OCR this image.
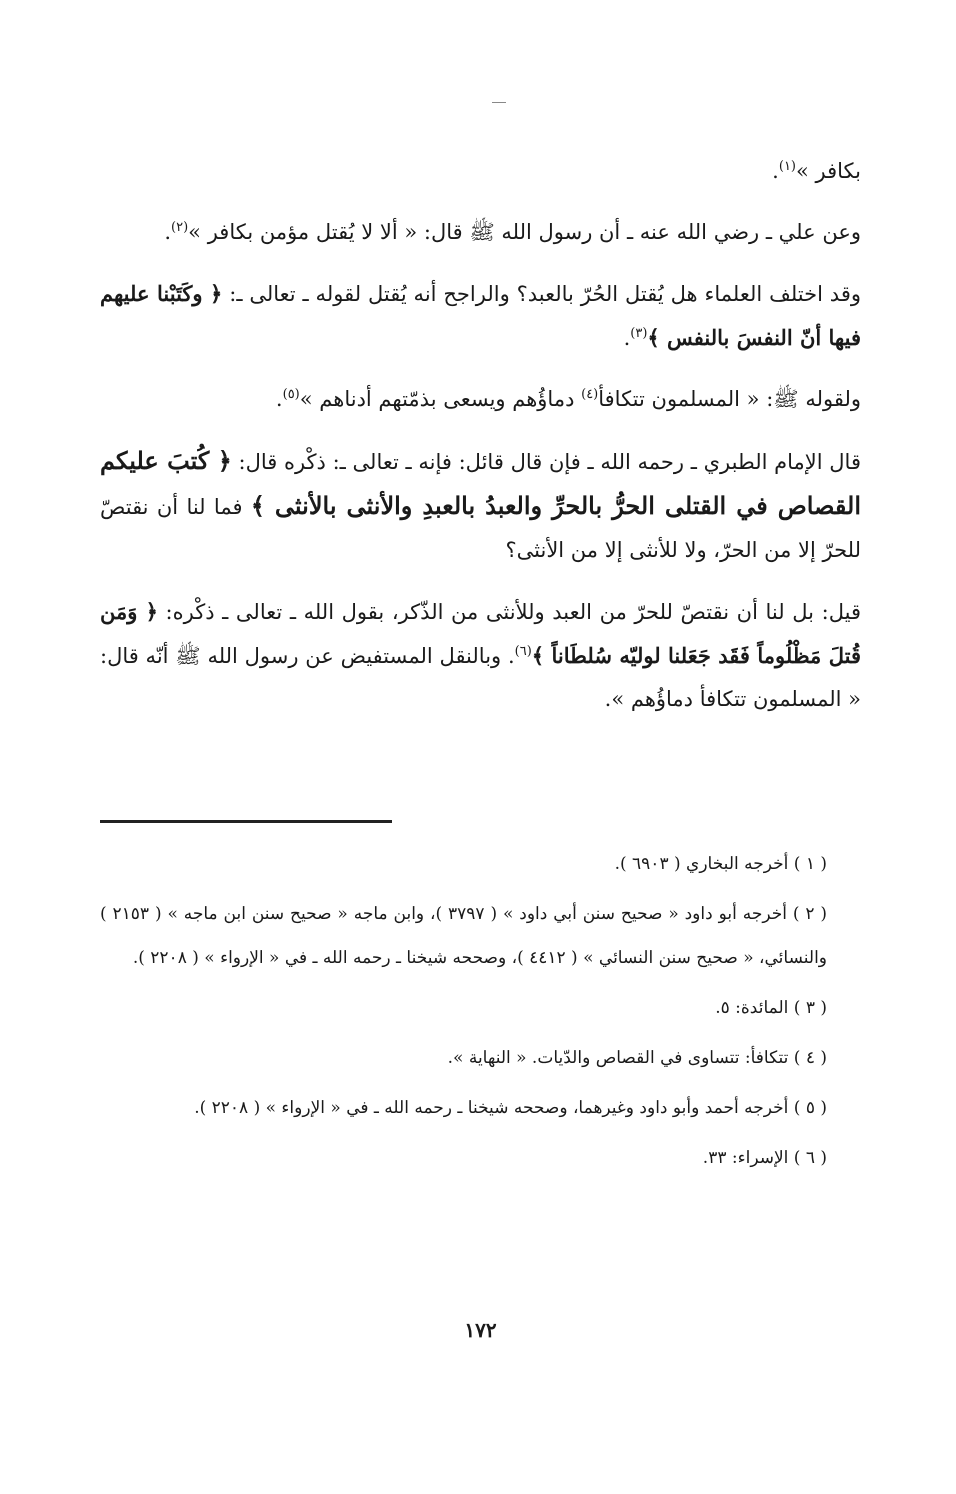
بكافر »$^{(١)}$.

وعن علي ـ رضي الله عنه ـ أن رسول الله ﷺ قال: « ألا لا يُقتل مؤمن بكافر »$^{(٢)}$.

وقد اختلف العلماء هل يُقتل الحُرّ بالعبد؟ والراجح أنه يُقتل لقوله ـ تعالى ـ: ﴿ وكَتَبْنا عليهم فيها أنّ النفسَ بالنفس ﴾$^{(٣)}$.

ولقوله ﷺ: « المسلمون تتكافأ$^{(٤)}$ دماؤُهم ويسعى بذمّتهم أدناهم »$^{(٥)}$.

قال الإمام الطبري ـ رحمه الله ـ فإن قال قائل: فإنه ـ تعالى ـ: ذكْره قال: ﴿ كُتبَ عليكم القصاص في القتلى الحرُّ بالحرِّ والعبدُ بالعبدِ والأنثى بالأنثى ﴾ فما لنا أن نقتصّ للحرّ إلا من الحرّ، ولا للأنثى إلا من الأنثى؟

قيل: بل لنا أن نقتصّ للحرّ من العبد وللأنثى من الذّكر، بقول الله ـ تعالى ـ ذكْره: ﴿ وَمَن قُتلَ مَظْلُوماً فَقَد جَعَلنا لوليّه سُلطَاناً ﴾$^{(٦)}$. وبالنقل المستفيض عن رسول الله ﷺ أنّه قال: « المسلمون تتكافأ دماؤُهم ».

( ١ ) أخرجه البخاري ( ٦٩٠٣ ).

( ٢ ) أخرجه أبو داود « صحيح سنن أبي داود » ( ٣٧٩٧ )، وابن ماجه « صحيح سنن ابن ماجه » ( ٢١٥٣ ) والنسائي، « صحيح سنن النسائي » ( ٤٤١٢ )، وصححه شيخنا ـ رحمه الله ـ في « الإرواء » ( ٢٢٠٨ ).

( ٣ ) المائدة: ٥.

( ٤ ) تتكافأ: تتساوى في القصاص والدّيات. « النهاية ».

( ٥ ) أخرجه أحمد وأبو داود وغيرهما، وصححه شيخنا ـ رحمه الله ـ في « الإرواء » ( ٢٢٠٨ ).

( ٦ ) الإسراء: ٣٣.

١٧٢
